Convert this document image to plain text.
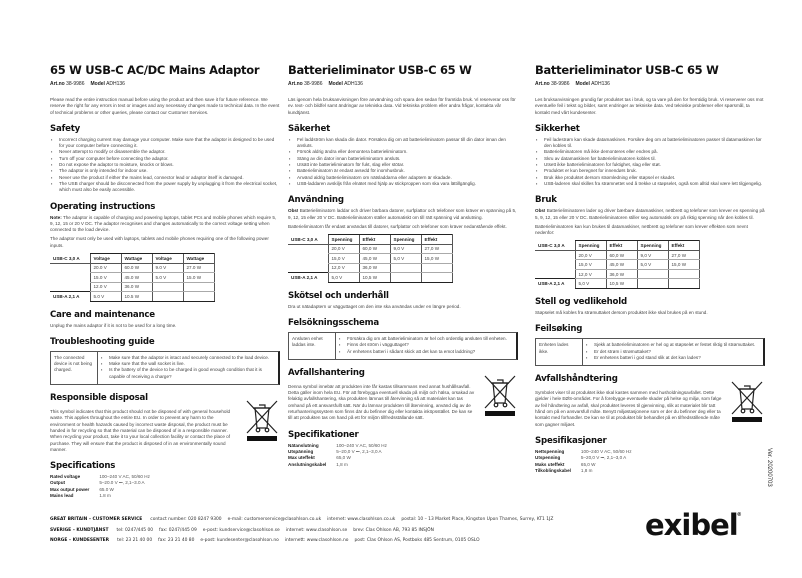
65 W USB-C AC/DC Mains Adaptor
Art.no 38-9986 Model ADH136
Please read the entire instruction manual before using the product and then save it for future reference. We reserve the right for any errors in text or images and any necessary changes made to technical data. In the event of technical problems or other queries, please contact our Customer Services.
Safety
▪ Incorrect charging current may damage your computer. Make sure that the adaptor is designed to be used for your computer before connecting it.
▪ Never attempt to modify or disassemble the adaptor.
▪ Turn off your computer before connecting the adaptor.
▪ Do not expose the adaptor to moisture, knocks or blows.
▪ The adaptor is only intended for indoor use.
▪ Never use the product if either the mains lead, connector lead or adaptor itself is damaged.
▪ The USB charger should be disconnected from the power supply by unplugging it from the electrical socket, which must also be easily accessible.
Operating instructions
Note: The adaptor is capable of charging and powering laptops, tablet PCs and mobile phones which require 5, 9, 12, 15 or 20 V DC. The adaptor recognises and changes automatically to the correct voltage setting when connected to the load device.
The adaptor must only be used with laptops, tablets and mobile phones requiring one of the following power inputs.
USB-C 3,0 A	Voltage	Wattage	Voltage	Wattage
	20.0 V	60.0 W	9.0 V	27.0 W
	15.0 V	45.0 W	5.0 V	15.0 W
	12.0 V	36.0 W		
USB-A 2,1 A	5.0 V	10.5 W		
Care and maintenance
Unplug the mains adaptor if it is not to be used for a long time.
Troubleshooting guide
The connected device is not being charged.
▪ Make sure that the adaptor is intact and securely connected to the load device.
▪ Make sure that the wall socket is live.
▪ Is the battery of the device to be charged in good enough condition that it is capable of receiving a charge?
Responsible disposal
This symbol indicates that this product should not be disposed of with general household waste. This applies throughout the entire EU. In order to prevent any harm to the environment or health hazards caused by incorrect waste disposal, the product must be handed in for recycling so that the material can be disposed of in a responsible manner. When recycling your product, take it to your local collection facility or contact the place of purchase. They will ensure that the product is disposed of in an environmentally sound manner.
Specifications
Rated voltage	100–240 V AC, 50/60 Hz
Output	5–20.0 V ⎓, 2,1–3.0 A
Max output power 65.0 W
Mains lead	1.8 m
Batterieliminator USB-C 65 W
Art.no 38-9986 Model ADH136
Läs igenom hela bruksanvisningen före användning och spara den sedan för framtida bruk. Vi reserverar oss för ev. text- och bildfel samt ändringar av tekniska data. Vid tekniska problem eller andra frågor, kontakta vår kundtjänst.
Säkerhet
▪ Fel laddström kan skada din dator. Försäkra dig om att batterieliminatorn passar till din dator innan den ansluts.
▪ Försök aldrig ändra eller demontera batterieliminatorn.
▪ Stäng av din dator innan batterieliminatorn ansluts.
▪ Utsätt inte batterieliminatorn för fukt, slag eller stötar.
▪ Batterieliminatorn är endast avsedd för inomhusbruk.
▪ Använd aldrig batterieliminatorn om nätsladdarna eller adaptern är skadade.
▪ USB-laddaren avskiljs från elnätet med hjälp av stickproppen som ska vara lättillgänglig.
Användning
Obs! Batterieliminatorn laddar och driver bärbara datorer, surfplattor och telefoner som kräver en spänning på 5, 9, 12, 15 eller 20 V DC. Batterieliminatorn ställer automatiskt om till rätt spänning vid anslutning.
Batterieliminatorn får endast användas till datorer, surfplattor och telefoner som kräver nedanstående effekt.
USB-C 3,0 A	Spenning	Effekt	Spenning	Effekt
	20,0 V	60,0 W	9,0 V	27,0 W
	15,0 V	45,0 W	5,0 V	15,0 W
	12,0 V	36,0 W		
USB-A 2,1 A	5,0 V	10,5 W		
Skötsel och underhåll
Dra ut nätadaptern ur vägguttaget om den inte ska användas under en längre period.
Felsökningsschema
Ansluten enhet laddas inte.
▪ Försäkra dig om att batterieliminatorn är hel och ordentlig ansluten till enheten.
▪ Finns det ström i vägguttaget?
▪ Är enhetens batteri i sådant skick att det kan ta emot laddning?
Avfallshantering
Denna symbol innebär att produkten inte får kastas tillsammans med annat hushållsavfall. Detta gäller inom hela EU. För att förebygga eventuell skada på miljö och hälsa, orsakad av felaktig avfallshantering, ska produkten lämnas till återvinning så att materialet kan tas omhand på ett ansvarsfullt sätt. När du lämnar produkten till återvinning, använd dig av de returhanteringssystem som finns där du befinner dig eller kontakta inköpsstället. De kan se till att produkten tas om hand på ett för miljön tillfredsställande sätt.
Specifikationer
Nätanslutning	100–240 V AC, 50/60 Hz
Utspänning	5–20,0 V ⎓, 2,1–3,0 A
Max uteffekt	65,0 W
Anslutningskabel 1,8 m
Batterieliminator USB-C 65 W
Art.no 38-9986 Model ADH136
Les bruksanvisningen grundig før produktet tas i bruk, og ta vare på den for fremtidig bruk. Vi reserverer oss mot eventuelle feil i tekst og bilder, samt endringer av tekniske data. Ved tekniske problemer eller spørsmål, ta kontakt med vårt kundesenter.
Sikkerhet
▪ Feil ladestrøm kan skade datamaskinen. Forsikre deg om at batterieliminatoren passer til datamaskinen før den kobles til.
▪ Batterieliminatoren må ikke demonteres eller endres på.
▪ Skru av datamaskinen før batterieliminatoren kobles til.
▪ Utsett ikke batterieliminatoren for fuktighet, slag eller støt.
▪ Produktet er kun beregnet for innendørs bruk.
▪ Bruk ikke produktet dersom strømledning eller støpsel er skadet.
▪ USB-laderen skal skilles fra strømnettet ved å trekke ut støpselet, også som alltid skal være lett tilgjengelig.
Bruk
Obs! Batterieliminatoren lader og driver bærbare datamaskiner, nettbrett og telefoner som krever en spenning på 5, 9, 12, 15 eller 20 V DC. Batterieliminatoren stiller seg automatisk om på riktig spenning når den kobles til.
Batterieliminatoren kan kun brukes til datamaskiner, nettbrett og telefoner som krever effekten som nevnt nedenfor:
USB-C 3,0 A	Spenning	Effekt	Spenning	Effekt
	20,0 V	60,0 W	9,0 V	27,0 W
	15,0 V	45,0 W	5,0 V	15,0 W
	12,0 V	36,0 W		
USB-A 2,1 A	5,0 V	10,5 W		
Stell og vedlikehold
Støpselet må kobles fra strømuttaket dersom produktet ikke skal brukes på en stund.
Feilsøking
Enheten lades ikke.
▪ Sjekk at batterieliminatoren er hel og at støpselet er festet riktig til strømuttaket.
▪ Er det strøm i strømuttaket?
▪ Er enhetens batteri i god stand slik at det kan lades?
Avfallshåndtering
Symbolet viser til at produktet ikke skal kastes sammen med husholdningsavfallet. Dette gjelder i hele EØS-området. For å forebygge eventuelle skader på helse og miljø, som følge av feil håndtering av avfall, skal produktet leveres til gjenvinning, slik at materialet blir tatt hånd om på en ansvarsfull måte. Benytt miljøstasjonene som er der du befinner deg eller ta kontakt med forhandler. De kan se til at produktet blir behandlet på en tilfredsstillende måte som gagner miljøet.
Spesifikasjoner
Nettspenning	100–240 V AC, 50/60 Hz
Utspenning	5–20,0 V ⎓, 2,1–3,0 A
Maks uteffekt	65,0 W
Tilkoblingskabel 1,8 m
GREAT BRITAIN – CUSTOMER SERVICE contact number: 020 8247 9300 e-mail: customerservice@clasohlson.co.uk internet: www.clasohlson.co.uk postal: 10 – 13 Market Place, Kingston Upon Thames, Surrey, KT1 1JZ
SVERIGE – KUNDTJÄNST tel: 0247/445 00 fax: 0247/445 09 e-post: kundservice@clasohlson.se internet: www.clasohlson.se brev: Clas Ohlson AB, 793 85 INSJÖN
NORGE – KUNDESENTER tel: 23 21 40 00 fax: 23 21 40 80 e-post: kundesenter@clasohlson.no internett: www.clasohlson.no post: Clas Ohlson AS, Postboks 485 Sentrum, 0105 OSLO	exibel ®
Ver. 20200703
